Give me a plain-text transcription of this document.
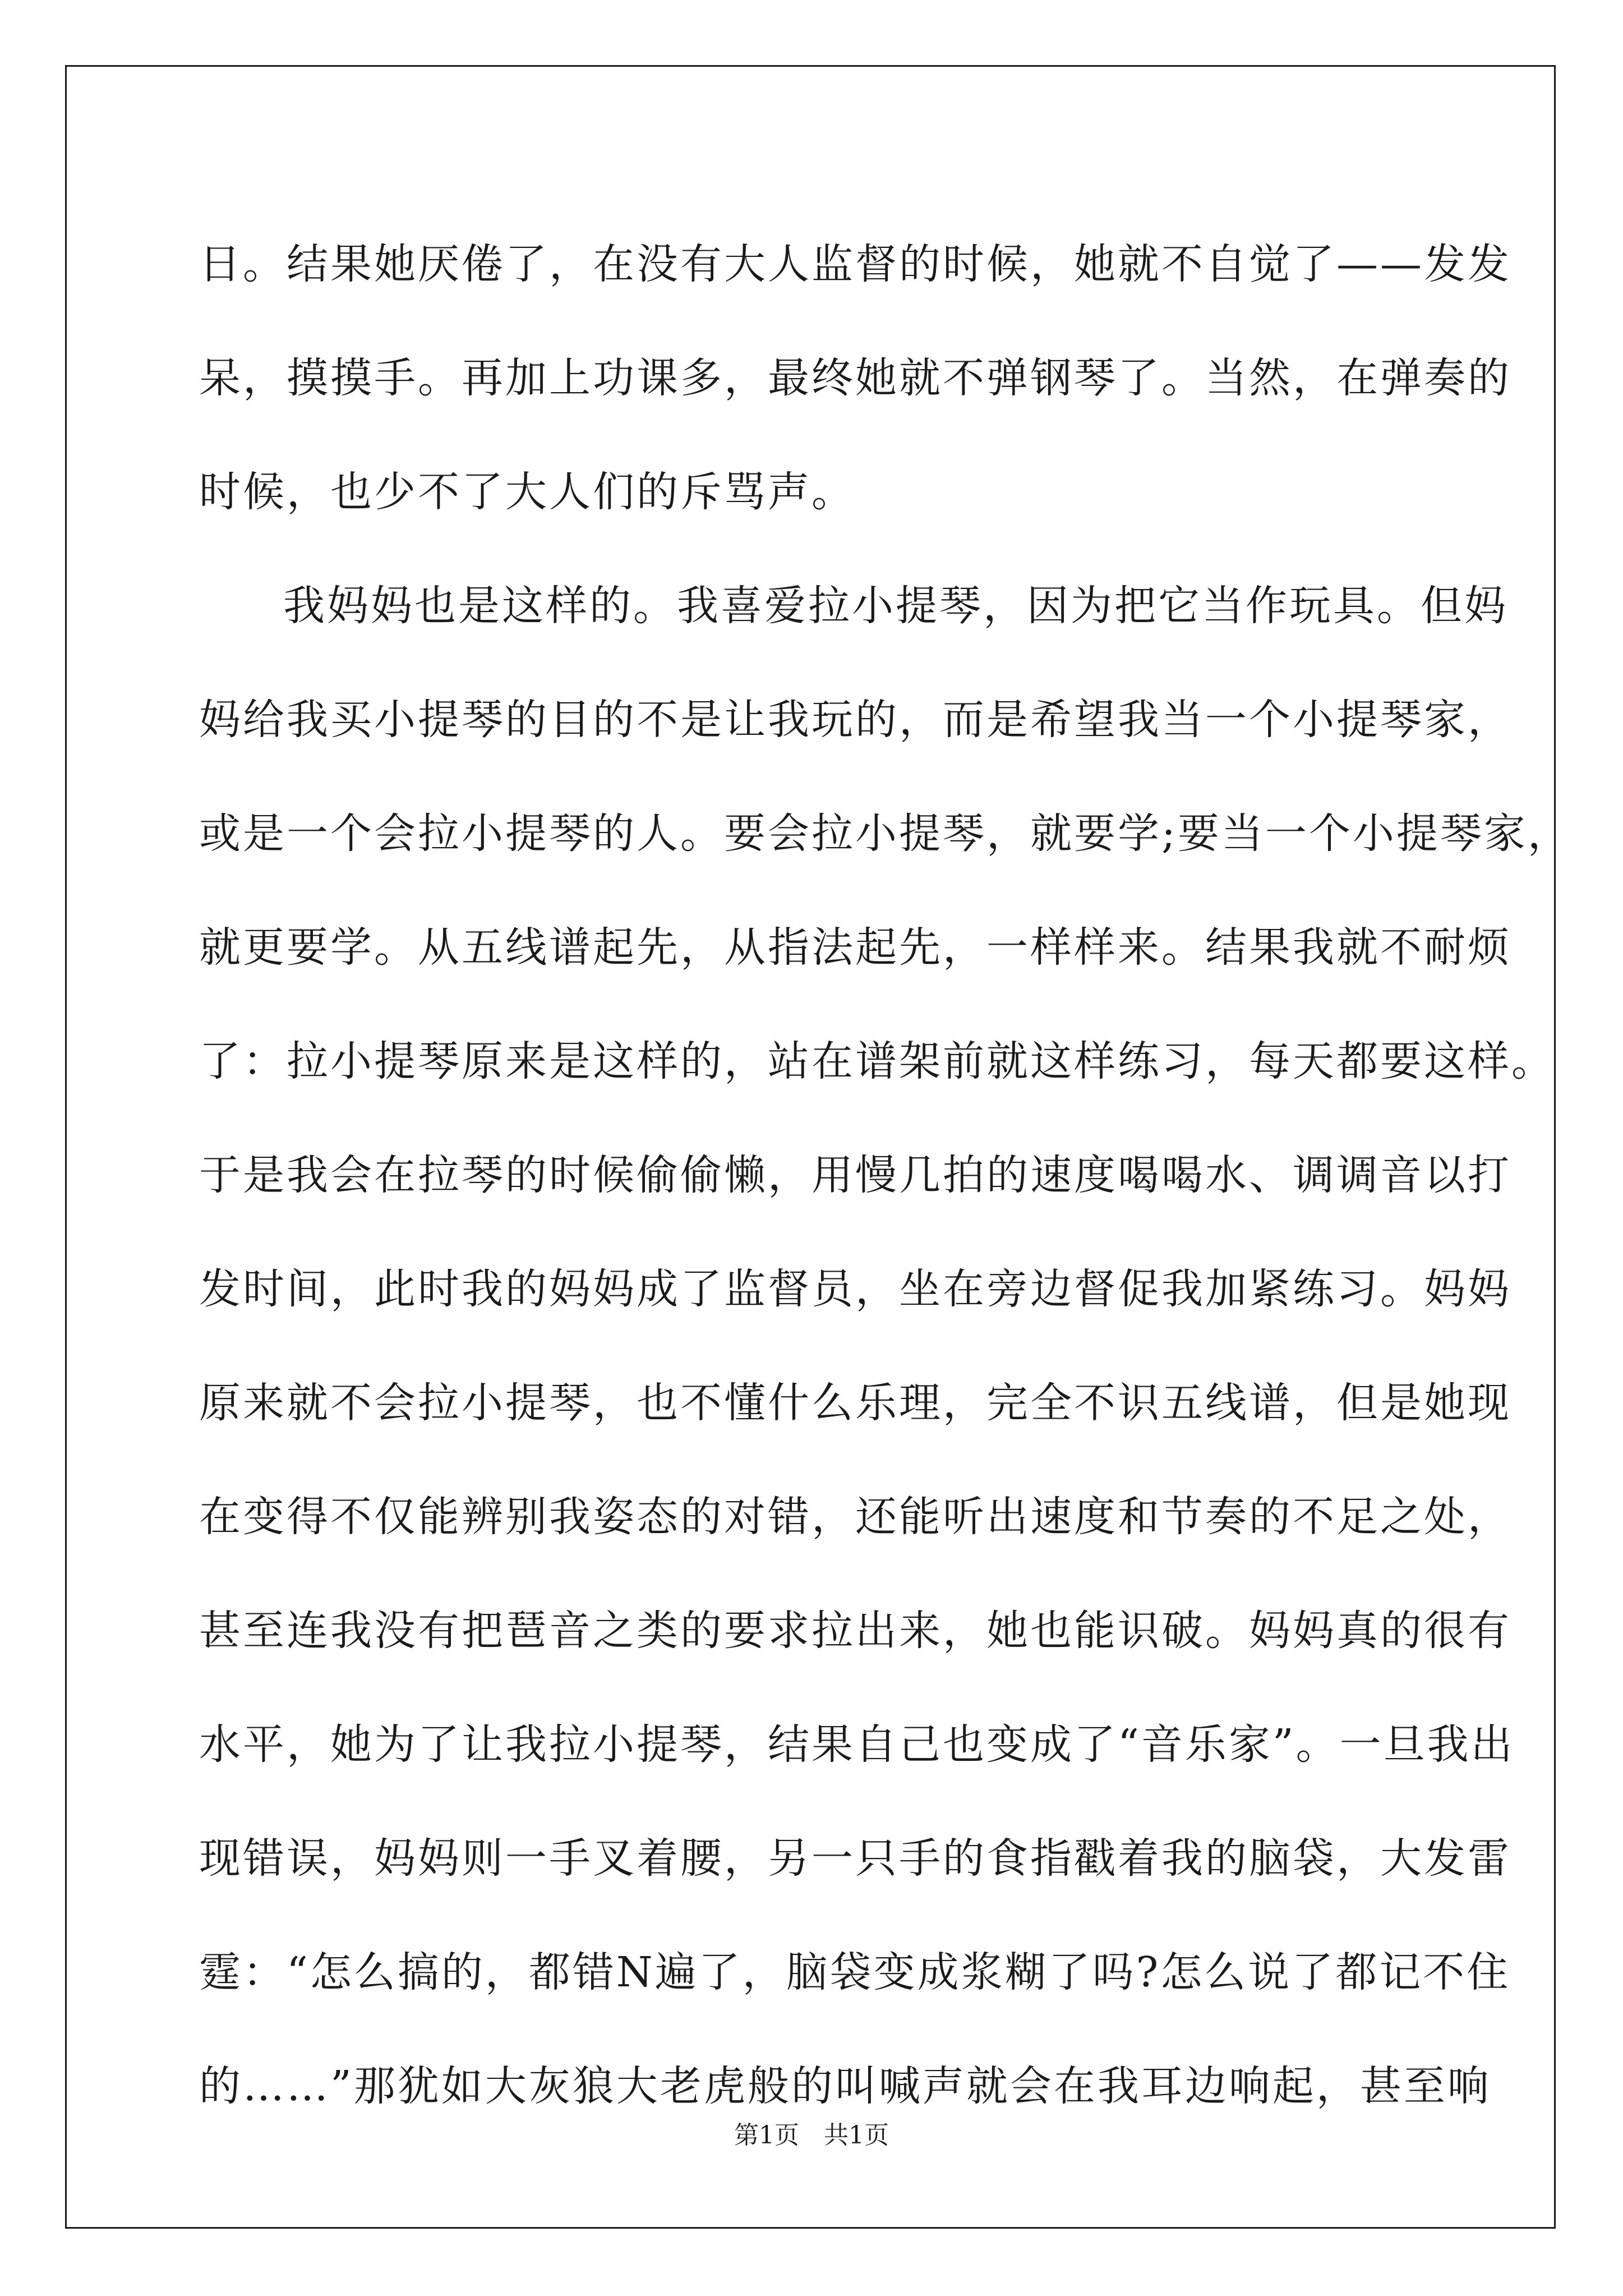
日。结果她厌倦了，在没有大人监督的时候，她就不自觉了——发发
呆，摸摸手。再加上功课多，最终她就不弹钢琴了。当然，在弹奏的
时候，也少不了大人们的斥骂声。
我妈妈也是这样的。我喜爱拉小提琴，因为把它当作玩具。但妈
妈给我买小提琴的目的不是让我玩的，而是希望我当一个小提琴家，
或是一个会拉小提琴的人。要会拉小提琴，就要学;要当一个小提琴家，
就更要学。从五线谱起先，从指法起先，一样样来。结果我就不耐烦
了：拉小提琴原来是这样的，站在谱架前就这样练习，每天都要这样。
于是我会在拉琴的时候偷偷懒，用慢几拍的速度喝喝水、调调音以打
发时间，此时我的妈妈成了监督员，坐在旁边督促我加紧练习。妈妈
原来就不会拉小提琴，也不懂什么乐理，完全不识五线谱，但是她现
在变得不仅能辨别我姿态的对错，还能听出速度和节奏的不足之处，
甚至连我没有把琶音之类的要求拉出来，她也能识破。妈妈真的很有
水平，她为了让我拉小提琴，结果自己也变成了“音乐家”。一旦我出
现错误，妈妈则一手叉着腰，另一只手的食指戳着我的脑袋，大发雷
霆：“怎么搞的，都错N遍了，脑袋变成浆糊了吗?怎么说了都记不住
的……”那犹如大灰狼大老虎般的叫喊声就会在我耳边响起，甚至响
第1页　共1页
